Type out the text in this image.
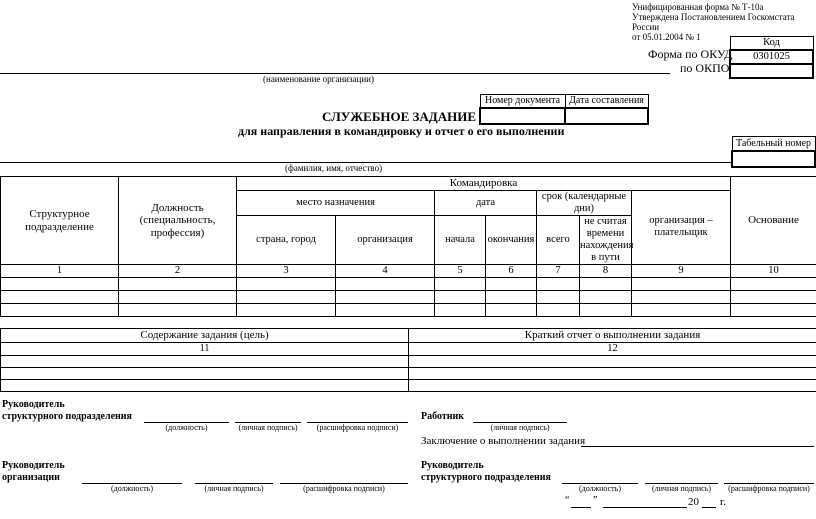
Унифицированная форма № Т-10а
Утверждена Постановлением Госкомстата России
от 05.01.2004 № 1	Код
0301025

Форма по ОКУД
по ОКПО
(наименование организации)
Номер документа	Дата составления

СЛУЖЕБНОЕ ЗАДАНИЕ
для направления в командировку и отчет о его выполнении
Табельный номер

(фамилия, имя, отчество)
Структурное подразделение	Должность (специальность, профессия)	Командировка							Основание
		место назначения		дата		срок (календарные дни)		организация – плательщик	
		страна, город	организация	начала	окончания	всего	не считая времени нахождения в пути		
1	2	3	4	5	6	7	8	9	10

Содержание задания (цель)	Краткий отчет о выполнении задания
11	12

Руководитель
структурного подразделения
(должность)	(личная подпись)	(расшифровка подписи)
Работник
(личная подпись)
Заключение о выполнении задания
Руководитель
организации
(должность)	(личная подпись)	(расшифровка подписи)
Руководитель
структурного подразделения
(должность)	(личная подпись)	(расшифровка подписи)
“ ”	20 г.
